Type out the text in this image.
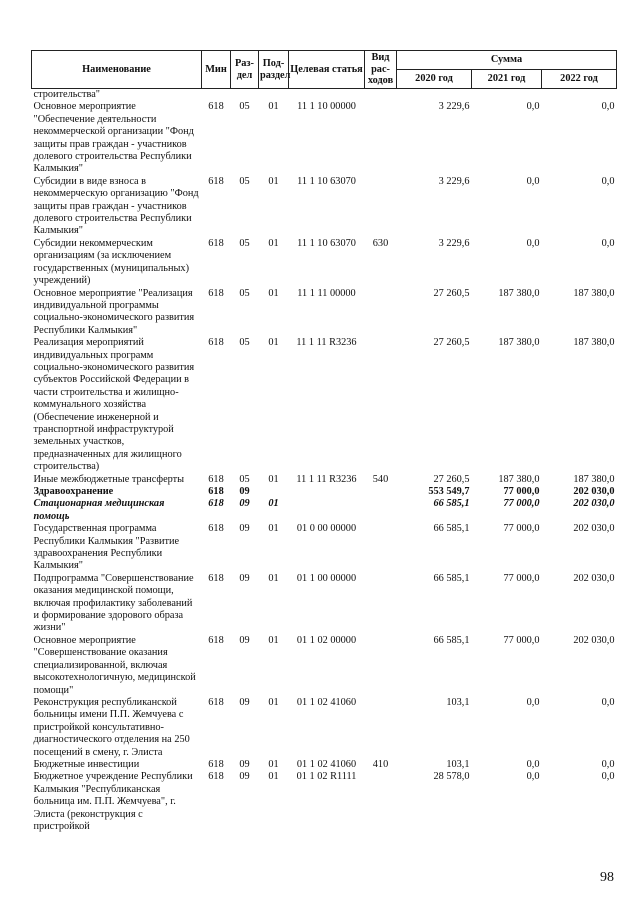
Наименование	Мин	Раз-дел	Под-раздел	Целевая статья	Вид рас-ходов	Сумма		
						2020 год	2021 год	2022 год
строительства"								
Основное мероприятие "Обеспечение деятельности некоммерческой организации "Фонд защиты прав граждан - участников долевого строительства Республики Калмыкия"	618	05	01	11 1 10 00000		3 229,6	0,0	0,0
Субсидии в виде взноса в некоммерческую организацию "Фонд защиты прав граждан - участников долевого строительства Республики Калмыкия"	618	05	01	11 1 10 63070		3 229,6	0,0	0,0
Субсидии некоммерческим организациям (за исключением государственных (муниципальных) учреждений)	618	05	01	11 1 10 63070	630	3 229,6	0,0	0,0
Основное мероприятие "Реализация индивидуальной программы социально-экономического развития Республики Калмыкия"	618	05	01	11 1 11 00000		27 260,5	187 380,0	187 380,0
Реализация мероприятий индивидуальных программ социально-экономического развития субъектов Российской Федерации в части строительства и жилищно-коммунального хозяйства (Обеспечение инженерной и транспортной инфраструктурой земельных участков, предназначенных для жилищного строительства)	618	05	01	11 1 11 R3236		27 260,5	187 380,0	187 380,0
Иные межбюджетные трансферты	618	05	01	11 1 11 R3236	540	27 260,5	187 380,0	187 380,0
Здравоохранение	618	09				553 549,7	77 000,0	202 030,0
Стационарная медицинская помощь	618	09	01			66 585,1	77 000,0	202 030,0
Государственная программа Республики Калмыкия "Развитие здравоохранения Республики Калмыкия"	618	09	01	01 0 00 00000		66 585,1	77 000,0	202 030,0
Подпрограмма "Совершенствование оказания медицинской помощи, включая профилактику заболеваний и формирование здорового образа жизни"	618	09	01	01 1 00 00000		66 585,1	77 000,0	202 030,0
Основное мероприятие "Совершенствование оказания специализированной, включая высокотехнологичную, медицинской помощи"	618	09	01	01 1 02 00000		66 585,1	77 000,0	202 030,0
Реконструкция республиканской больницы имени П.П. Жемчуева с пристройкой консультативно-диагностического отделения на 250 посещений в смену, г. Элиста	618	09	01	01 1 02 41060		103,1	0,0	0,0
Бюджетные инвестиции	618	09	01	01 1 02 41060	410	103,1	0,0	0,0
Бюджетное учреждение Республики Калмыкия "Республиканская больница им. П.П. Жемчуева", г. Элиста (реконструкция с пристройкой	618	09	01	01 1 02 R1111		28 578,0	0,0	0,0
98
